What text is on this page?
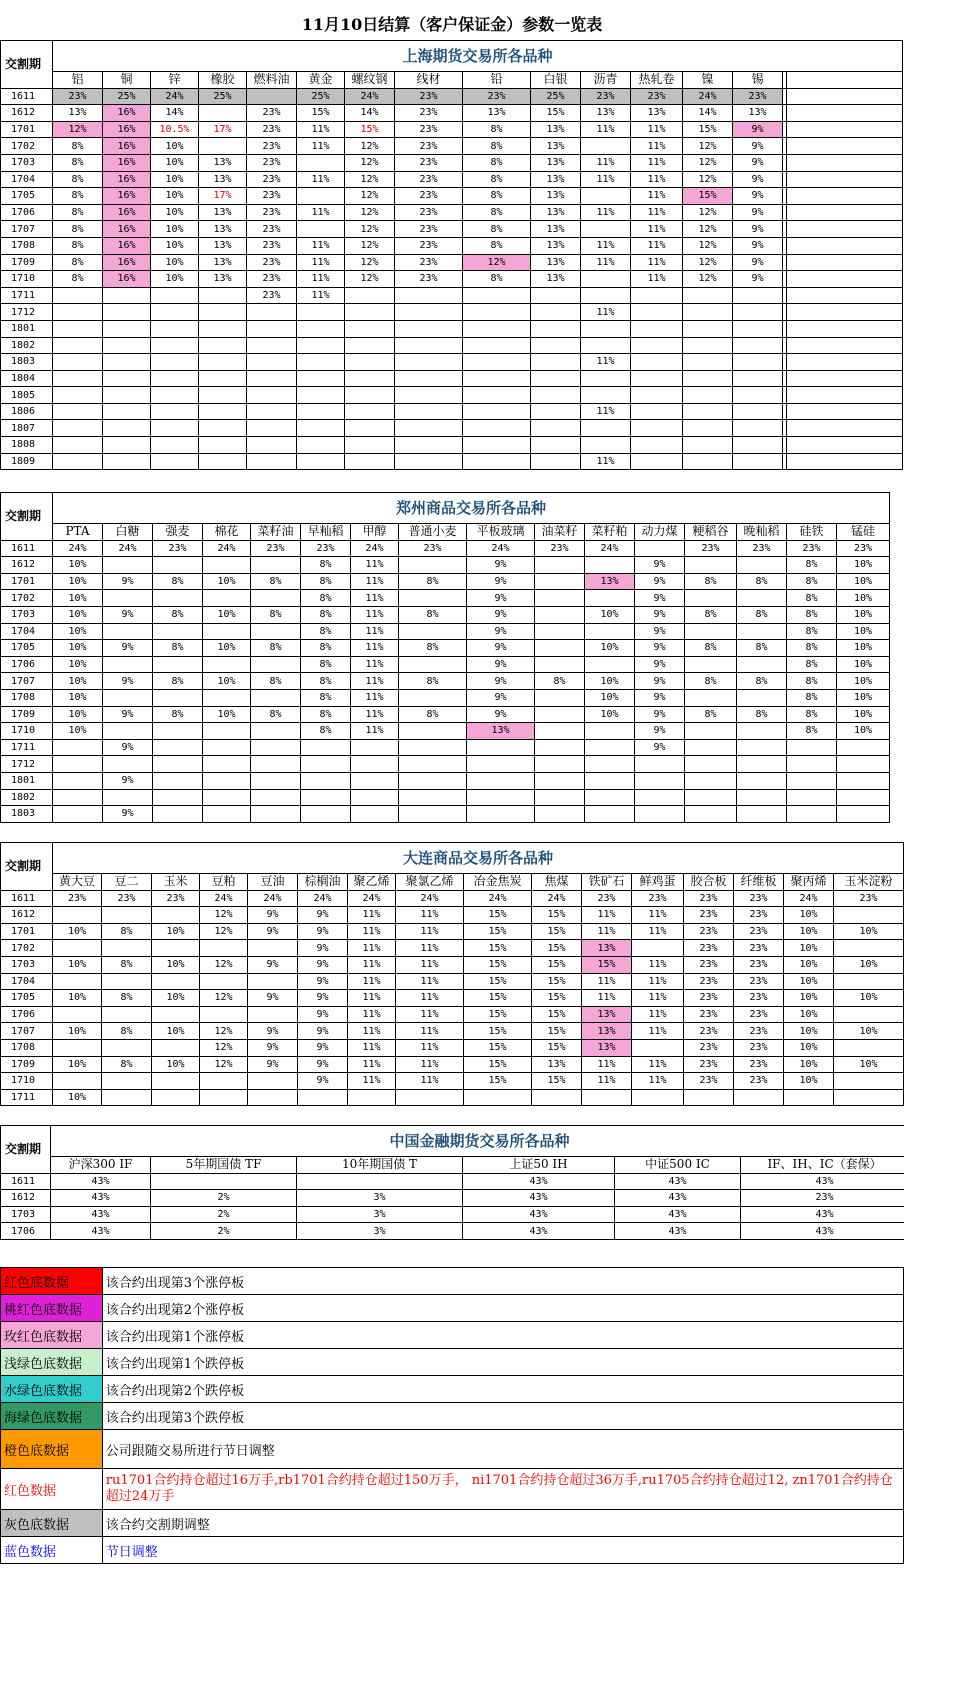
11月10日结算（客户保证金）参数一览表
交割期	上海期货交易所各品种															
	铝	铜	锌	橡胶	燃料油	黄金	螺纹钢	线材	铅	白银	沥青	热轧卷	镍	锡		
1611	23%	25%	24%	25%		25%	24%	23%	23%	25%	23%	23%	24%	23%		
1612	13%	16%	14%		23%	15%	14%	23%	13%	15%	13%	13%	14%	13%		
1701	12%	16%	10.5%	17%	23%	11%	15%	23%	8%	13%	11%	11%	15%	9%		
1702	8%	16%	10%		23%	11%	12%	23%	8%	13%		11%	12%	9%		
1703	8%	16%	10%	13%	23%		12%	23%	8%	13%	11%	11%	12%	9%		
1704	8%	16%	10%	13%	23%	11%	12%	23%	8%	13%	11%	11%	12%	9%		
1705	8%	16%	10%	17%	23%		12%	23%	8%	13%		11%	15%	9%		
1706	8%	16%	10%	13%	23%	11%	12%	23%	8%	13%	11%	11%	12%	9%		
1707	8%	16%	10%	13%	23%		12%	23%	8%	13%		11%	12%	9%		
1708	8%	16%	10%	13%	23%	11%	12%	23%	8%	13%	11%	11%	12%	9%		
1709	8%	16%	10%	13%	23%	11%	12%	23%	12%	13%	11%	11%	12%	9%		
1710	8%	16%	10%	13%	23%	11%	12%	23%	8%	13%		11%	12%	9%		
1711					23%	11%										
1712											11%					
1801																
1802																
1803											11%					
1804																
1805																
1806											11%					
1807																
1808																
1809											11%					
交割期	郑州商品交易所各品种															
	PTA	白糖	强麦	棉花	菜籽油	早籼稻	甲醇	普通小麦	平板玻璃	油菜籽	菜籽粕	动力煤	粳稻谷	晚籼稻	硅铁	锰硅
1611	24%	24%	23%	24%	23%	23%	24%	23%	24%	23%	24%		23%	23%	23%	23%
1612	10%					8%	11%		9%			9%			8%	10%
1701	10%	9%	8%	10%	8%	8%	11%	8%	9%		13%	9%	8%	8%	8%	10%
1702	10%					8%	11%		9%			9%			8%	10%
1703	10%	9%	8%	10%	8%	8%	11%	8%	9%		10%	9%	8%	8%	8%	10%
1704	10%					8%	11%		9%			9%			8%	10%
1705	10%	9%	8%	10%	8%	8%	11%	8%	9%		10%	9%	8%	8%	8%	10%
1706	10%					8%	11%		9%			9%			8%	10%
1707	10%	9%	8%	10%	8%	8%	11%	8%	9%	8%	10%	9%	8%	8%	8%	10%
1708	10%					8%	11%		9%		10%	9%			8%	10%
1709	10%	9%	8%	10%	8%	8%	11%	8%	9%		10%	9%	8%	8%	8%	10%
1710	10%					8%	11%		13%			9%			8%	10%
1711		9%										9%				
1712																
1801		9%														
1802																
1803		9%														
交割期	大连商品交易所各品种															
	黄大豆	豆二	玉米	豆粕	豆油	棕榈油	聚乙烯	聚氯乙烯	冶金焦炭	焦煤	铁矿石	鲜鸡蛋	胶合板	纤维板	聚丙烯	玉米淀粉
1611	23%	23%	23%	24%	24%	24%	24%	24%	24%	24%	23%	23%	23%	23%	24%	23%
1612				12%	9%	9%	11%	11%	15%	15%	11%	11%	23%	23%	10%	
1701	10%	8%	10%	12%	9%	9%	11%	11%	15%	15%	11%	11%	23%	23%	10%	10%
1702						9%	11%	11%	15%	15%	13%		23%	23%	10%	
1703	10%	8%	10%	12%	9%	9%	11%	11%	15%	15%	15%	11%	23%	23%	10%	10%
1704						9%	11%	11%	15%	15%	11%	11%	23%	23%	10%	
1705	10%	8%	10%	12%	9%	9%	11%	11%	15%	15%	11%	11%	23%	23%	10%	10%
1706						9%	11%	11%	15%	15%	13%	11%	23%	23%	10%	
1707	10%	8%	10%	12%	9%	9%	11%	11%	15%	15%	13%	11%	23%	23%	10%	10%
1708				12%	9%	9%	11%	11%	15%	15%	13%		23%	23%	10%	
1709	10%	8%	10%	12%	9%	9%	11%	11%	15%	13%	11%	11%	23%	23%	10%	10%
1710						9%	11%	11%	15%	15%	11%	11%	23%	23%	10%	
1711	10%															
交割期	中国金融期货交易所各品种					
	沪深300 IF	5年期国债 TF	10年期国债 T	上证50 IH	中证500 IC	IF、IH、IC（套保）
1611	43%			43%	43%	43%
1612	43%	2%	3%	43%	43%	23%
1703	43%	2%	3%	43%	43%	43%
1706	43%	2%	3%	43%	43%	43%
红色底数据	该合约出现第3个涨停板
桃红色底数据	该合约出现第2个涨停板
玫红色底数据	该合约出现第1个涨停板
浅绿色底数据	该合约出现第1个跌停板
水绿色底数据	该合约出现第2个跌停板
海绿色底数据	该合约出现第3个跌停板
橙色底数据	公司跟随交易所进行节日调整
红色数据	ru1701合约持仓超过16万手,rb1701合约持仓超过150万手， ni1701合约持仓超过36万手,ru1705合约持仓超过12, zn1701合约持仓超过24万手
灰色底数据	该合约交割期调整
蓝色数据	节日调整
